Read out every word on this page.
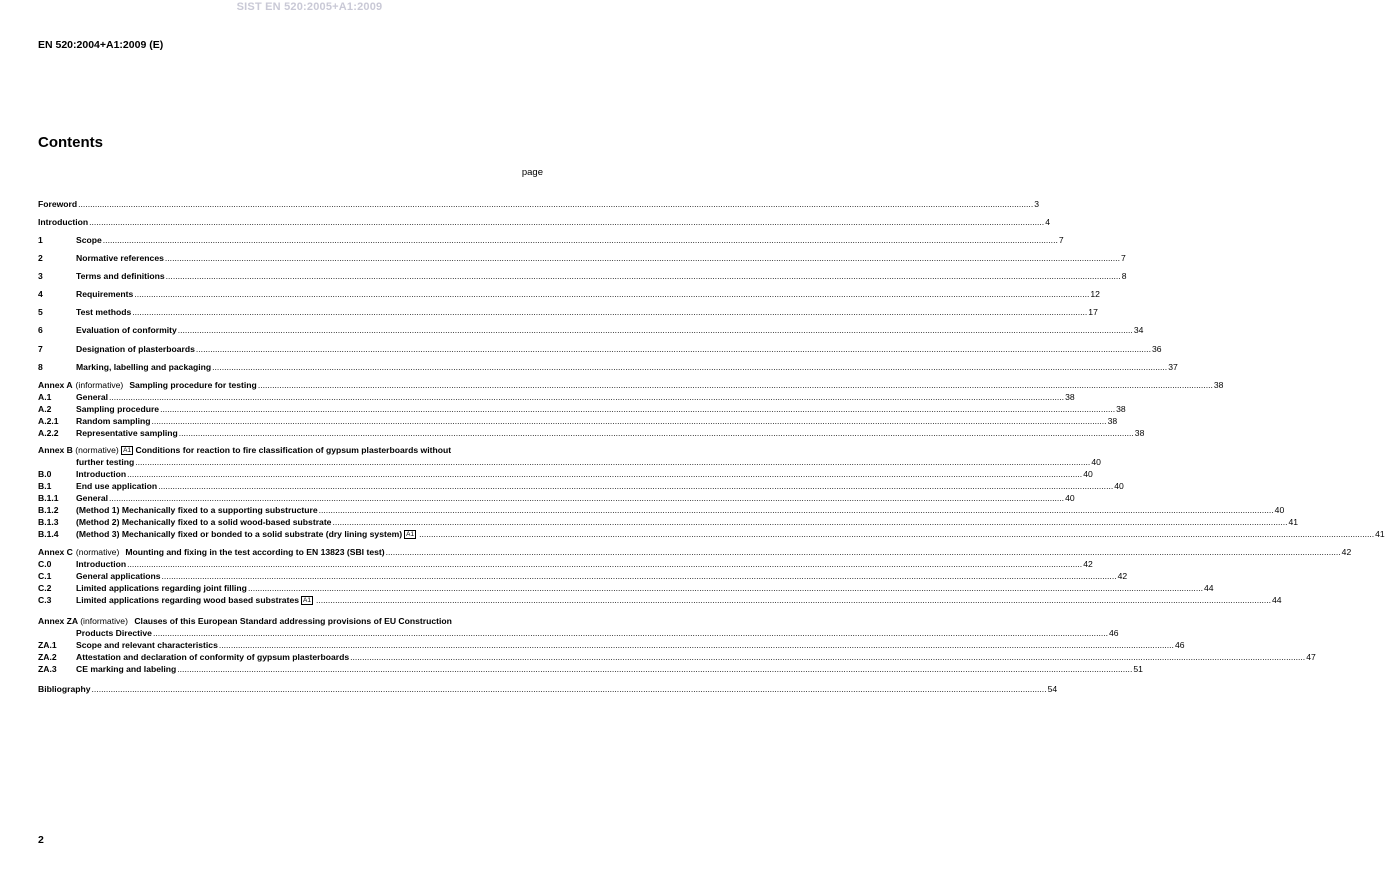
SIST EN 520:2005+A1:2009
EN 520:2004+A1:2009 (E)
Contents
page
Foreword ................................................................................................................................................................................................................................................................................................................................................................................................................ 3
Introduction ................................................................................................................................................................................................................................................................................................................................................................................................................ 4
1	Scope ................................................................................................................................................................................................................................................................................................................................................................................................................ 7
2	Normative references ................................................................................................................................................................................................................................................................................................................................................................................................................ 7
3	Terms and definitions ................................................................................................................................................................................................................................................................................................................................................................................................................ 8
4	Requirements ................................................................................................................................................................................................................................................................................................................................................................................................................ 12
5	Test methods ................................................................................................................................................................................................................................................................................................................................................................................................................ 17
6	Evaluation of conformity ................................................................................................................................................................................................................................................................................................................................................................................................................ 34
7	Designation of plasterboards ................................................................................................................................................................................................................................................................................................................................................................................................................ 36
8	Marking, labelling and packaging ................................................................................................................................................................................................................................................................................................................................................................................................................ 37
Annex A (informative) Sampling procedure for testing ................................................................................................................................................................................................................................................................................................................................................................................................................ 38
A.1	General ................................................................................................................................................................................................................................................................................................................................................................................................................ 38
A.2	Sampling procedure ................................................................................................................................................................................................................................................................................................................................................................................................................ 38
A.2.1	Random sampling ................................................................................................................................................................................................................................................................................................................................................................................................................ 38
A.2.2	Representative sampling ................................................................................................................................................................................................................................................................................................................................................................................................................ 38
Annex B (normative) A1 Conditions for reaction to fire classification of gypsum plasterboards without
further testing ................................................................................................................................................................................................................................................................................................................................................................................................................ 40
B.0	Introduction ................................................................................................................................................................................................................................................................................................................................................................................................................ 40
B.1	End use application ................................................................................................................................................................................................................................................................................................................................................................................................................ 40
B.1.1	General ................................................................................................................................................................................................................................................................................................................................................................................................................ 40
B.1.2	(Method 1) Mechanically fixed to a supporting substructure ................................................................................................................................................................................................................................................................................................................................................................................................................ 40
B.1.3	(Method 2) Mechanically fixed to a solid wood-based substrate ................................................................................................................................................................................................................................................................................................................................................................................................................ 41
B.1.4	(Method 3) Mechanically fixed or bonded to a solid substrate (dry lining system) A1 ................................................................................................................................................................................................................................................................................................................................................................................................................ 41
Annex C (normative) Mounting and fixing in the test according to EN 13823 (SBI test) ................................................................................................................................................................................................................................................................................................................................................................................................................ 42
C.0	Introduction ................................................................................................................................................................................................................................................................................................................................................................................................................ 42
C.1	General applications ................................................................................................................................................................................................................................................................................................................................................................................................................ 42
C.2	Limited applications regarding joint filling ................................................................................................................................................................................................................................................................................................................................................................................................................ 44
C.3	Limited applications regarding wood based substrates A1 ................................................................................................................................................................................................................................................................................................................................................................................................................ 44
Annex ZA (informative) Clauses of this European Standard addressing provisions of EU Construction
Products Directive ................................................................................................................................................................................................................................................................................................................................................................................................................ 46
ZA.1	Scope and relevant characteristics ................................................................................................................................................................................................................................................................................................................................................................................................................ 46
ZA.2	Attestation and declaration of conformity of gypsum plasterboards ................................................................................................................................................................................................................................................................................................................................................................................................................ 47
ZA.3	CE marking and labeling ................................................................................................................................................................................................................................................................................................................................................................................................................ 51
Bibliography ................................................................................................................................................................................................................................................................................................................................................................................................................ 54
2
